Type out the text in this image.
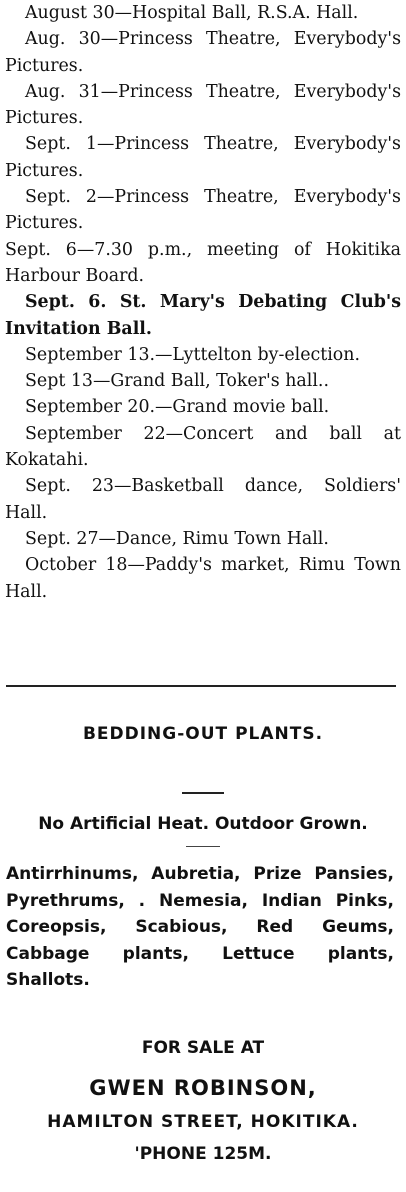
August 30—Hospital Ball, R.S.A. Hall.

Aug. 30—Princess Theatre, Everybody's Pictures.

Aug. 31—Princess Theatre, Everybody's Pictures.

Sept. 1—Princess Theatre, Everybody's Pictures.

Sept. 2—Princess Theatre, Everybody's Pictures.

Sept. 6—7.30 p.m., meeting of Hokitika Harbour Board.

Sept. 6. St. Mary's Debating Club's Invitation Ball.

September 13.—Lyttelton by-election.

Sept 13—Grand Ball, Toker's hall..

September 20.—Grand movie ball.

September 22—Concert and ball at Kokatahi.

Sept. 23—Basketball dance, Soldiers' Hall.

Sept. 27—Dance, Rimu Town Hall.

October 18—Paddy's market, Rimu Town Hall.

BEDDING-OUT PLANTS.
No Artificial Heat. Outdoor Grown.
Antirrhinums, Aubretia, Prize Pansies, Pyrethrums, . Nemesia, Indian Pinks, Coreopsis, Scabious, Red Geums, Cabbage plants, Lettuce plants, Shallots.
FOR SALE AT
GWEN ROBINSON,
HAMILTON STREET, HOKITIKA.
'PHONE 125M.
